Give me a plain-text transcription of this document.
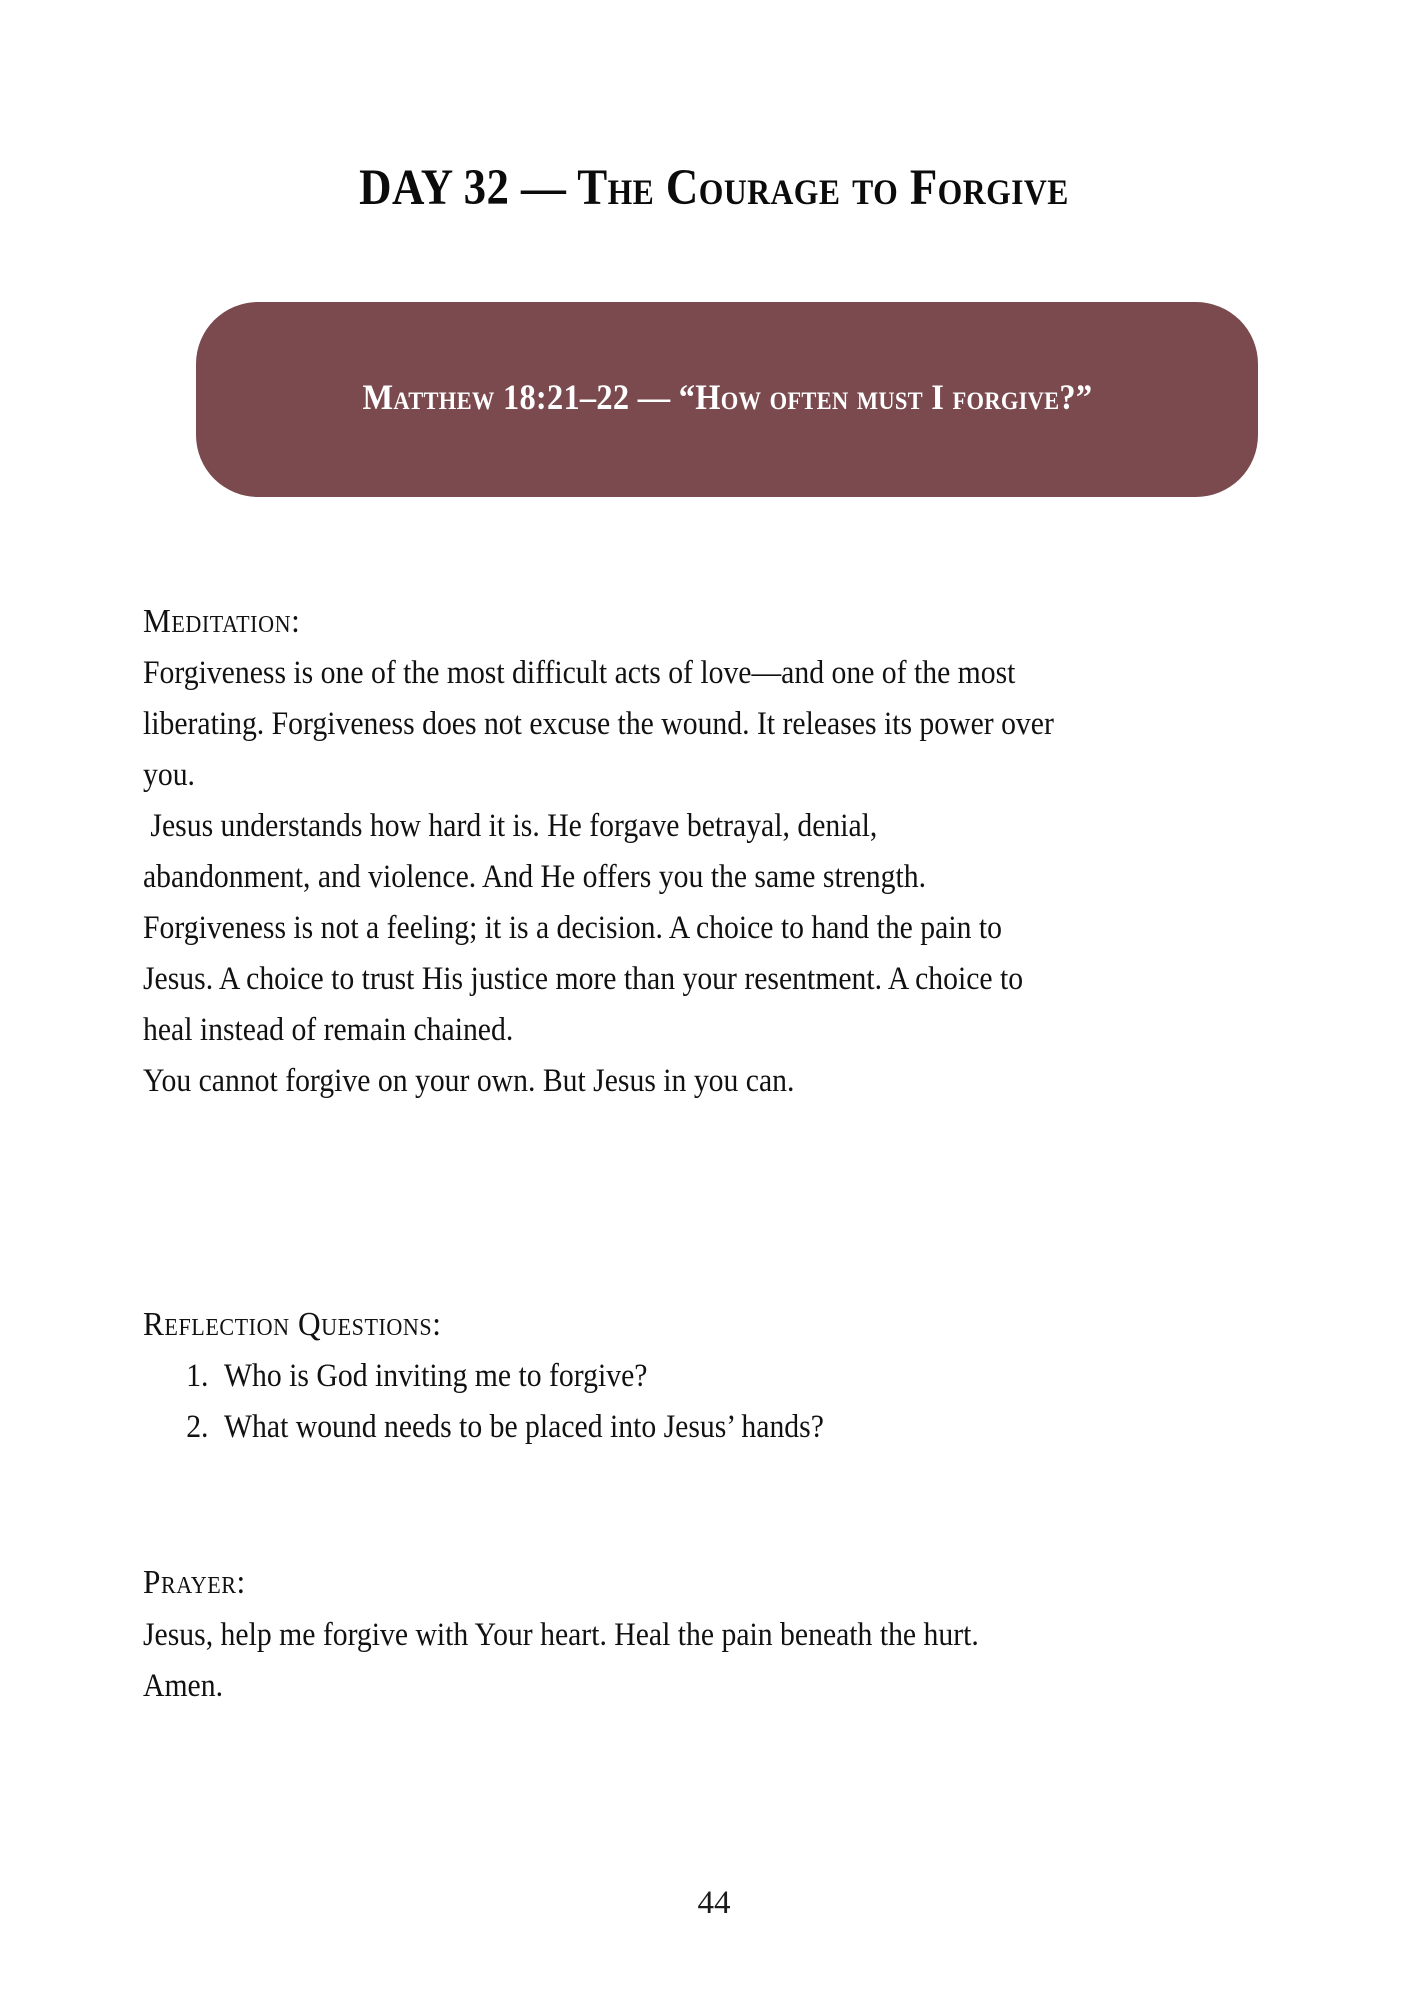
DAY 32 — The Courage to Forgive
Matthew 18:21–22 — “How often must I forgive?”
Meditation:

Forgiveness is one of the most difficult acts of love—and one of the most

liberating. Forgiveness does not excuse the wound. It releases its power over

you.

Jesus understands how hard it is. He forgave betrayal, denial,

abandonment, and violence. And He offers you the same strength.

Forgiveness is not a feeling; it is a decision. A choice to hand the pain to

Jesus. A choice to trust His justice more than your resentment. A choice to

heal instead of remain chained.

You cannot forgive on your own. But Jesus in you can.

Reflection Questions:
1. Who is God inviting me to forgive?
2. What wound needs to be placed into Jesus’ hands?
Prayer:

Jesus, help me forgive with Your heart. Heal the pain beneath the hurt.

Amen.

44
